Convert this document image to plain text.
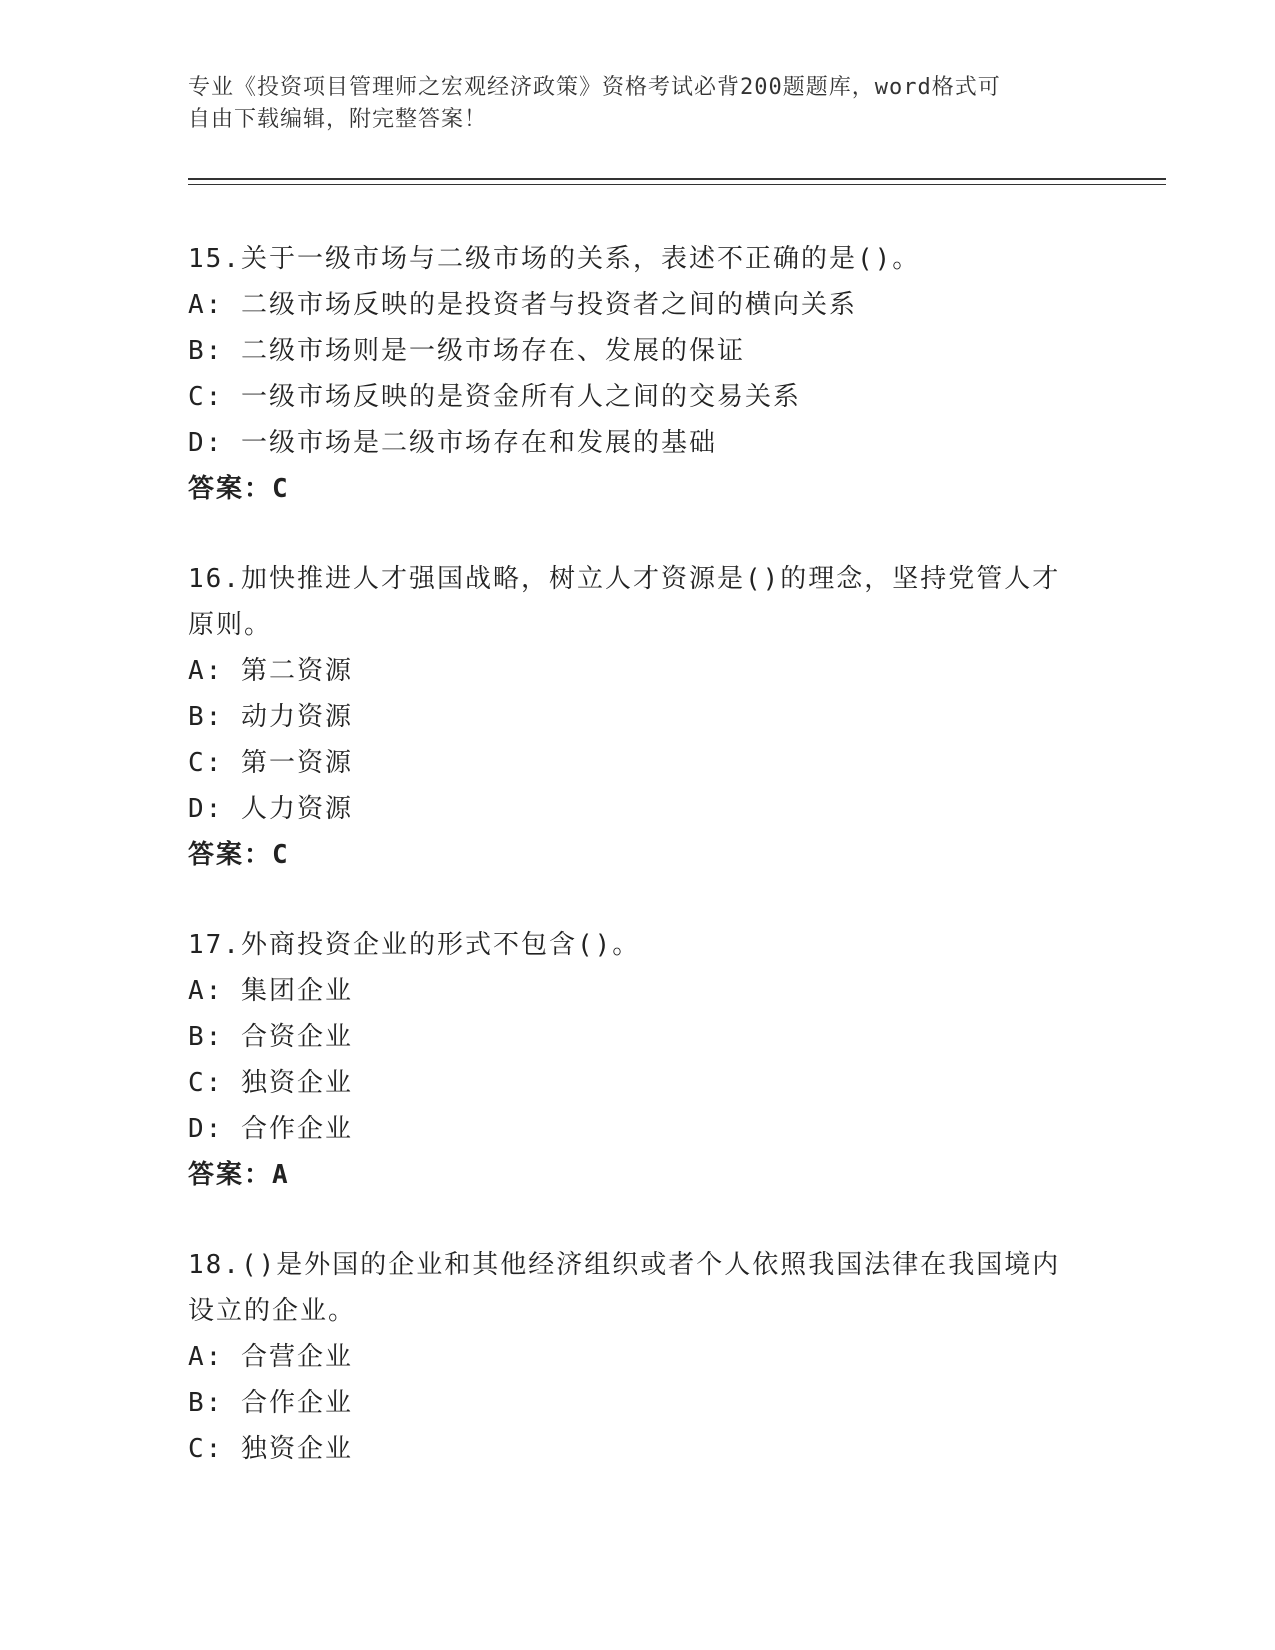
专业《投资项目管理师之宏观经济政策》资格考试必背200题题库，word格式可
自由下载编辑，附完整答案！
15.关于一级市场与二级市场的关系，表述不正确的是()。
A: 二级市场反映的是投资者与投资者之间的横向关系
B: 二级市场则是一级市场存在、发展的保证
C: 一级市场反映的是资金所有人之间的交易关系
D: 一级市场是二级市场存在和发展的基础
答案：C
16.加快推进人才强国战略，树立人才资源是()的理念，坚持党管人才原则。
A: 第二资源
B: 动力资源
C: 第一资源
D: 人力资源
答案：C
17.外商投资企业的形式不包含()。
A: 集团企业
B: 合资企业
C: 独资企业
D: 合作企业
答案：A
18.()是外国的企业和其他经济组织或者个人依照我国法律在我国境内设立的企业。
A: 合营企业
B: 合作企业
C: 独资企业
